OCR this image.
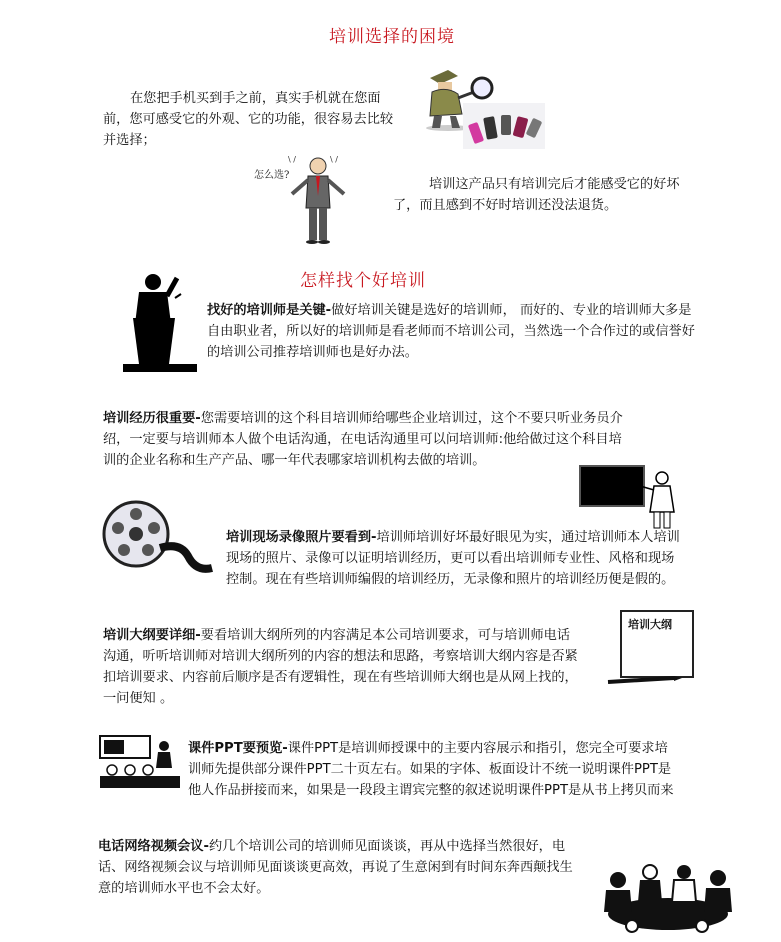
培训选择的困境
在您把手机买到手之前，真实手机就在您面前，您可感受它的外观、它的功能，很容易去比较并选择；
怎么选?
\ /	\ /
培训这产品只有培训完后才能感受它的好坏了，而且感到不好时培训还没法退货。
怎样找个好培训
找好的培训师是关键-做好培训关键是选好的培训师， 而好的、专业的培训师大多是自由职业者，所以好的培训师是看老师而不培训公司，当然选一个合作过的或信誉好的培训公司推荐培训师也是好办法。
培训经历很重要-您需要培训的这个科目培训师给哪些企业培训过，这个不要只听业务员介绍，一定要与培训师本人做个电话沟通，在电话沟通里可以问培训师:他给做过这个科目培训的企业名称和生产产品、哪一年代表哪家培训机构去做的培训。
培训现场录像照片要看到-培训师培训好坏最好眼见为实，通过培训师本人培训现场的照片、录像可以证明培训经历，更可以看出培训师专业性、风格和现场控制。现在有些培训师编假的培训经历，无录像和照片的培训经历便是假的。
培训大纲要详细-要看培训大纲所列的内容满足本公司培训要求，可与培训师电话沟通，听听培训师对培训大纲所列的内容的想法和思路，考察培训大纲内容是否紧扣培训要求、内容前后顺序是否有逻辑性，现在有些培训师大纲也是从网上找的，一问便知 。
培训大纲
课件PPT要预览-课件PPT是培训师授课中的主要内容展示和指引，您完全可要求培训师先提供部分课件PPT二十页左右。如果的字体、板面设计不统一说明课件PPT是他人作品拼接而来，如果是一段段主谓宾完整的叙述说明课件PPT是从书上拷贝而来
电话网络视频会议-约几个培训公司的培训师见面谈谈，再从中选择当然很好，电话、网络视频会议与培训师见面谈谈更高效，再说了生意闲到有时间东奔西颠找生意的培训师水平也不会太好。
